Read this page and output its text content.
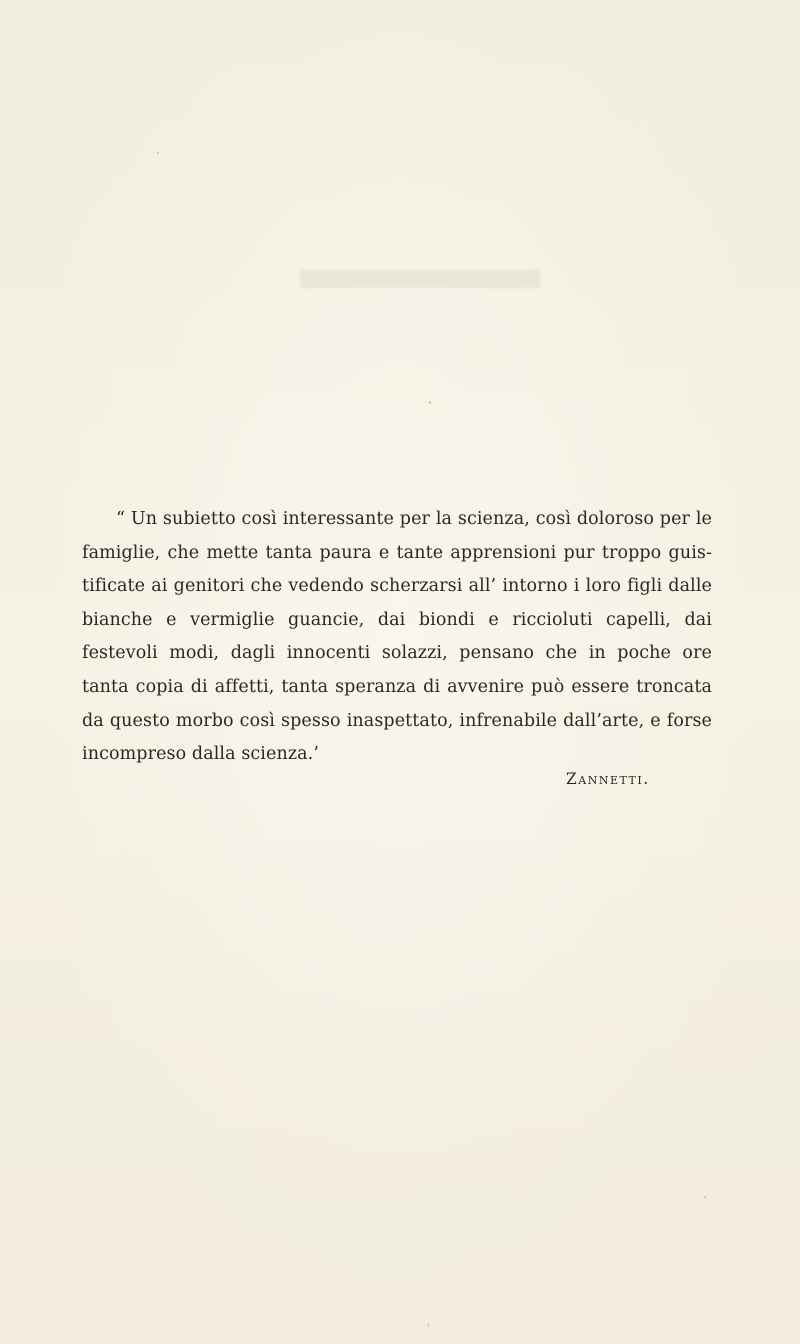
“ Un subietto così interessante per la scienza, così doloroso per le
famiglie, che mette tanta paura e tante apprensioni pur troppo guis-
tificate ai genitori che vedendo scherzarsi all’ intorno i loro figli dalle
bianche e vermiglie guancie, dai biondi e riccioluti capelli, dai
festevoli modi, dagli innocenti solazzi, pensano che in poche ore
tanta copia di affetti, tanta speranza di avvenire può essere troncata
da questo morbo così spesso inaspettato, infrenabile dall’arte, e forse
incompreso dalla scienza.’
Zannetti.
